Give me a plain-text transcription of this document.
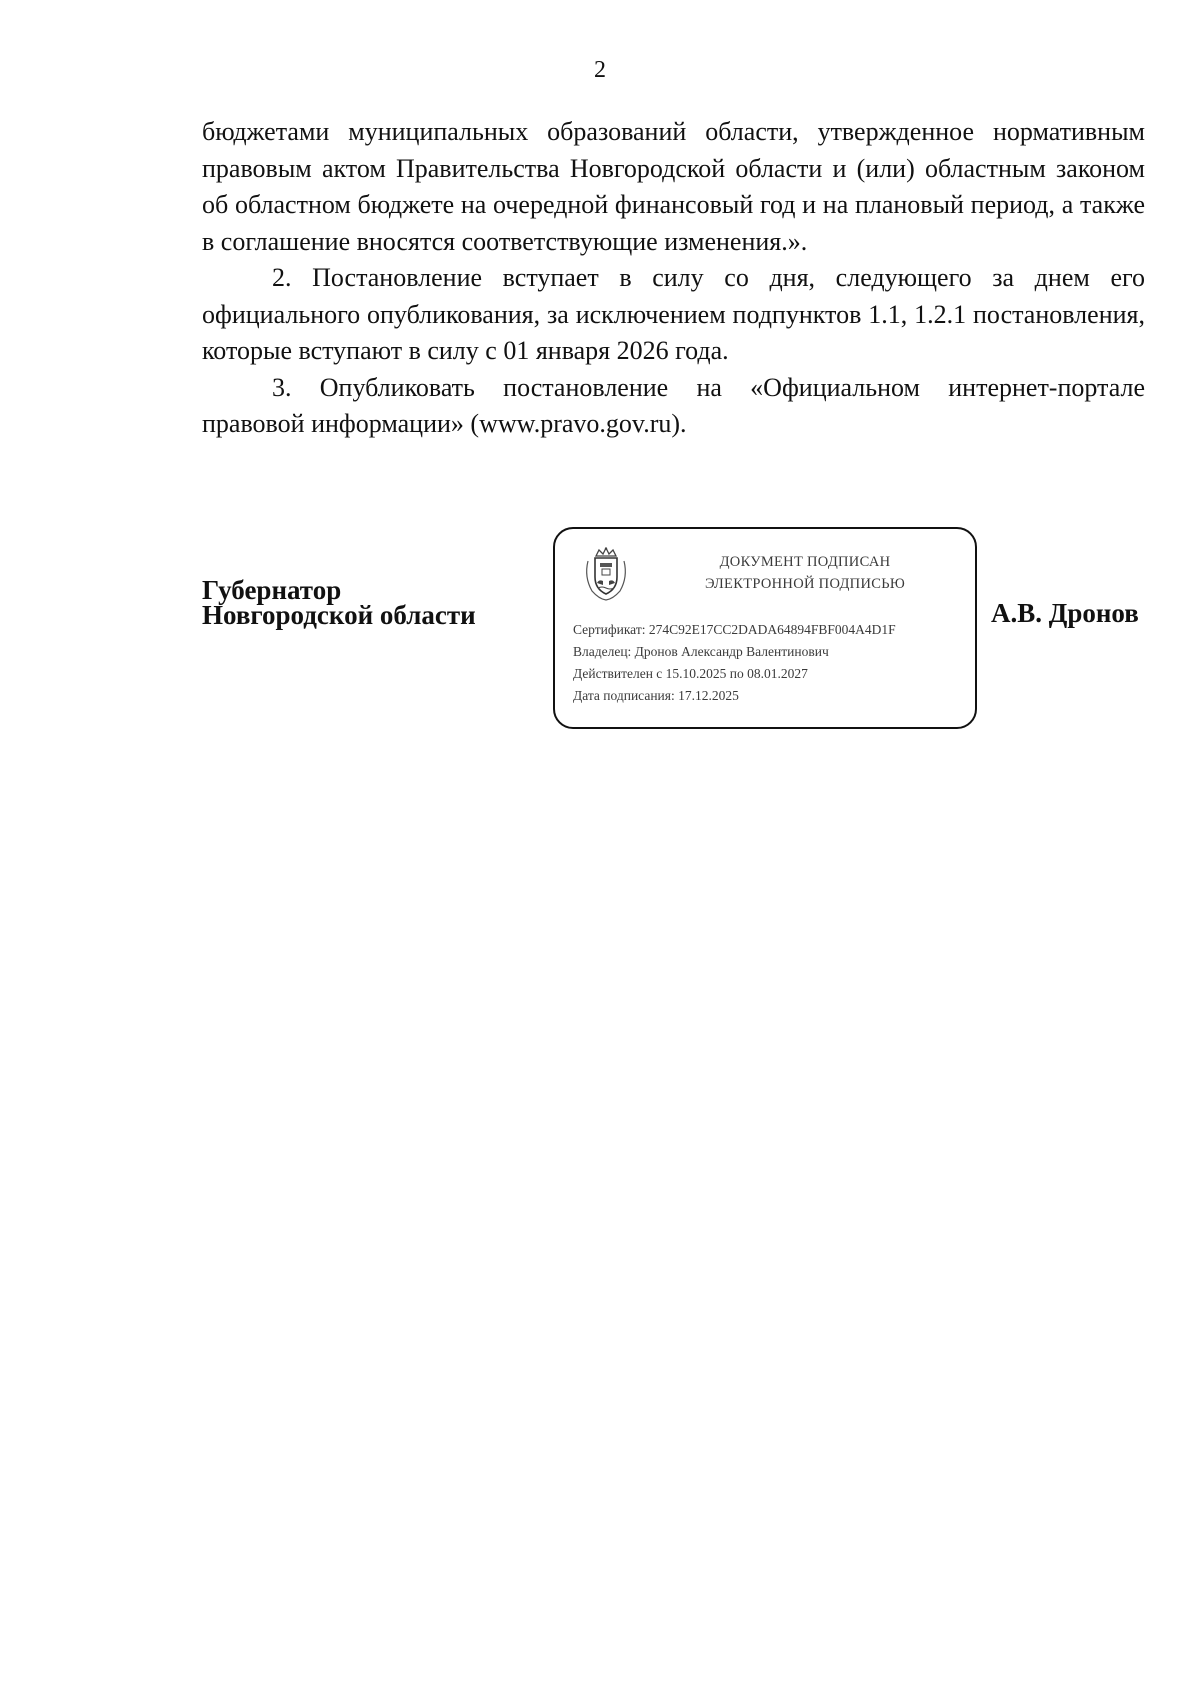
2

бюджетами муниципальных образований области, утвержденное нормативным правовым актом Правительства Новгородской области и (или) областным законом об областном бюджете на очередной финансовый год и на плановый период, а также в соглашение вносятся соответствующие изменения.».

2. Постановление вступает в силу со дня, следующего за днем его официального опубликования, за исключением подпунктов 1.1, 1.2.1 постановления, которые вступают в силу с 01 января 2026 года.

3. Опубликовать постановление на «Официальном интернет-портале правовой информации» (www.pravo.gov.ru).

Губернатор
Новгородской области
ДОКУМЕНТ ПОДПИСАН
ЭЛЕКТРОННОЙ ПОДПИСЬЮ
Сертификат: 274C92E17CC2DADA64894FBF004A4D1F
Владелец: Дронов Александр Валентинович
Действителен с 15.10.2025 по 08.01.2027
Дата подписания: 17.12.2025
А.В. Дронов
